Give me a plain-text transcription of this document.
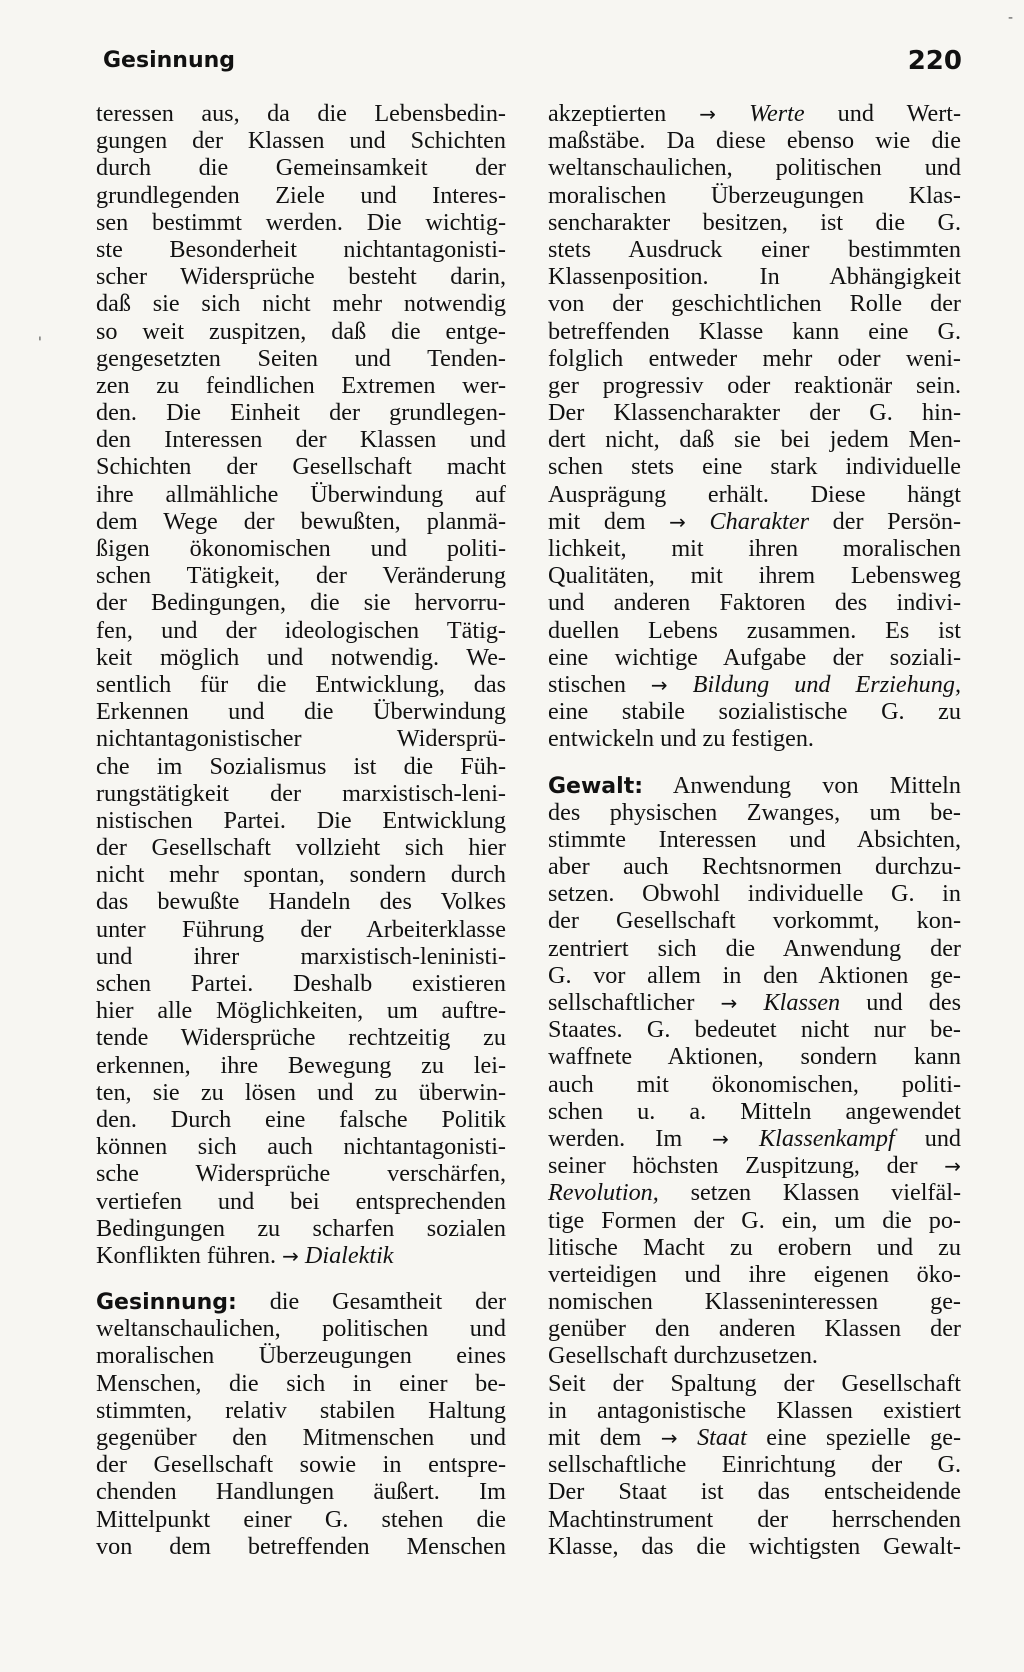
Gesinnung	220
'
-
teressen aus, da die Lebensbedin-
gungen der Klassen und Schichten
durch die Gemeinsamkeit der
grundlegenden Ziele und Interes-
sen bestimmt werden. Die wichtig-
ste Besonderheit nichtantagonisti-
scher Widersprüche besteht darin,
daß sie sich nicht mehr notwendig
so weit zuspitzen, daß die entge-
gengesetzten Seiten und Tenden-
zen zu feindlichen Extremen wer-
den. Die Einheit der grundlegen-
den Interessen der Klassen und
Schichten der Gesellschaft macht
ihre allmähliche Überwindung auf
dem Wege der bewußten, planmä-
ßigen ökonomischen und politi-
schen Tätigkeit, der Veränderung
der Bedingungen, die sie hervorru-
fen, und der ideologischen Tätig-
keit möglich und notwendig. We-
sentlich für die Entwicklung, das
Erkennen und die Überwindung
nichtantagonistischer Widersprü-
che im Sozialismus ist die Füh-
rungstätigkeit der marxistisch-leni-
nistischen Partei. Die Entwicklung
der Gesellschaft vollzieht sich hier
nicht mehr spontan, sondern durch
das bewußte Handeln des Volkes
unter Führung der Arbeiterklasse
und ihrer marxistisch-leninisti-
schen Partei. Deshalb existieren
hier alle Möglichkeiten, um auftre-
tende Widersprüche rechtzeitig zu
erkennen, ihre Bewegung zu lei-
ten, sie zu lösen und zu überwin-
den. Durch eine falsche Politik
können sich auch nichtantagonisti-
sche Widersprüche verschärfen,
vertiefen und bei entsprechenden
Bedingungen zu scharfen sozialen
Konflikten führen. → Dialektik
Gesinnung: die Gesamtheit der
weltanschaulichen, politischen und
moralischen Überzeugungen eines
Menschen, die sich in einer be-
stimmten, relativ stabilen Haltung
gegenüber den Mitmenschen und
der Gesellschaft sowie in entspre-
chenden Handlungen äußert. Im
Mittelpunkt einer G. stehen die
von dem betreffenden Menschen
akzeptierten → Werte und Wert-
maßstäbe. Da diese ebenso wie die
weltanschaulichen, politischen und
moralischen Überzeugungen Klas-
sencharakter besitzen, ist die G.
stets Ausdruck einer bestimmten
Klassenposition. In Abhängigkeit
von der geschichtlichen Rolle der
betreffenden Klasse kann eine G.
folglich entweder mehr oder weni-
ger progressiv oder reaktionär sein.
Der Klassencharakter der G. hin-
dert nicht, daß sie bei jedem Men-
schen stets eine stark individuelle
Ausprägung erhält. Diese hängt
mit dem → Charakter der Persön-
lichkeit, mit ihren moralischen
Qualitäten, mit ihrem Lebensweg
und anderen Faktoren des indivi-
duellen Lebens zusammen. Es ist
eine wichtige Aufgabe der soziali-
stischen → Bildung und Erziehung,
eine stabile sozialistische G. zu
entwickeln und zu festigen.
Gewalt: Anwendung von Mitteln
des physischen Zwanges, um be-
stimmte Interessen und Absichten,
aber auch Rechtsnormen durchzu-
setzen. Obwohl individuelle G. in
der Gesellschaft vorkommt, kon-
zentriert sich die Anwendung der
G. vor allem in den Aktionen ge-
sellschaftlicher → Klassen und des
Staates. G. bedeutet nicht nur be-
waffnete Aktionen, sondern kann
auch mit ökonomischen, politi-
schen u. a. Mitteln angewendet
werden. Im → Klassenkampf und
seiner höchsten Zuspitzung, der →
Revolution, setzen Klassen vielfäl-
tige Formen der G. ein, um die po-
litische Macht zu erobern und zu
verteidigen und ihre eigenen öko-
nomischen Klasseninteressen ge-
genüber den anderen Klassen der
Gesellschaft durchzusetzen.
Seit der Spaltung der Gesellschaft
in antagonistische Klassen existiert
mit dem → Staat eine spezielle ge-
sellschaftliche Einrichtung der G.
Der Staat ist das entscheidende
Machtinstrument der herrschenden
Klasse, das die wichtigsten Gewalt-
